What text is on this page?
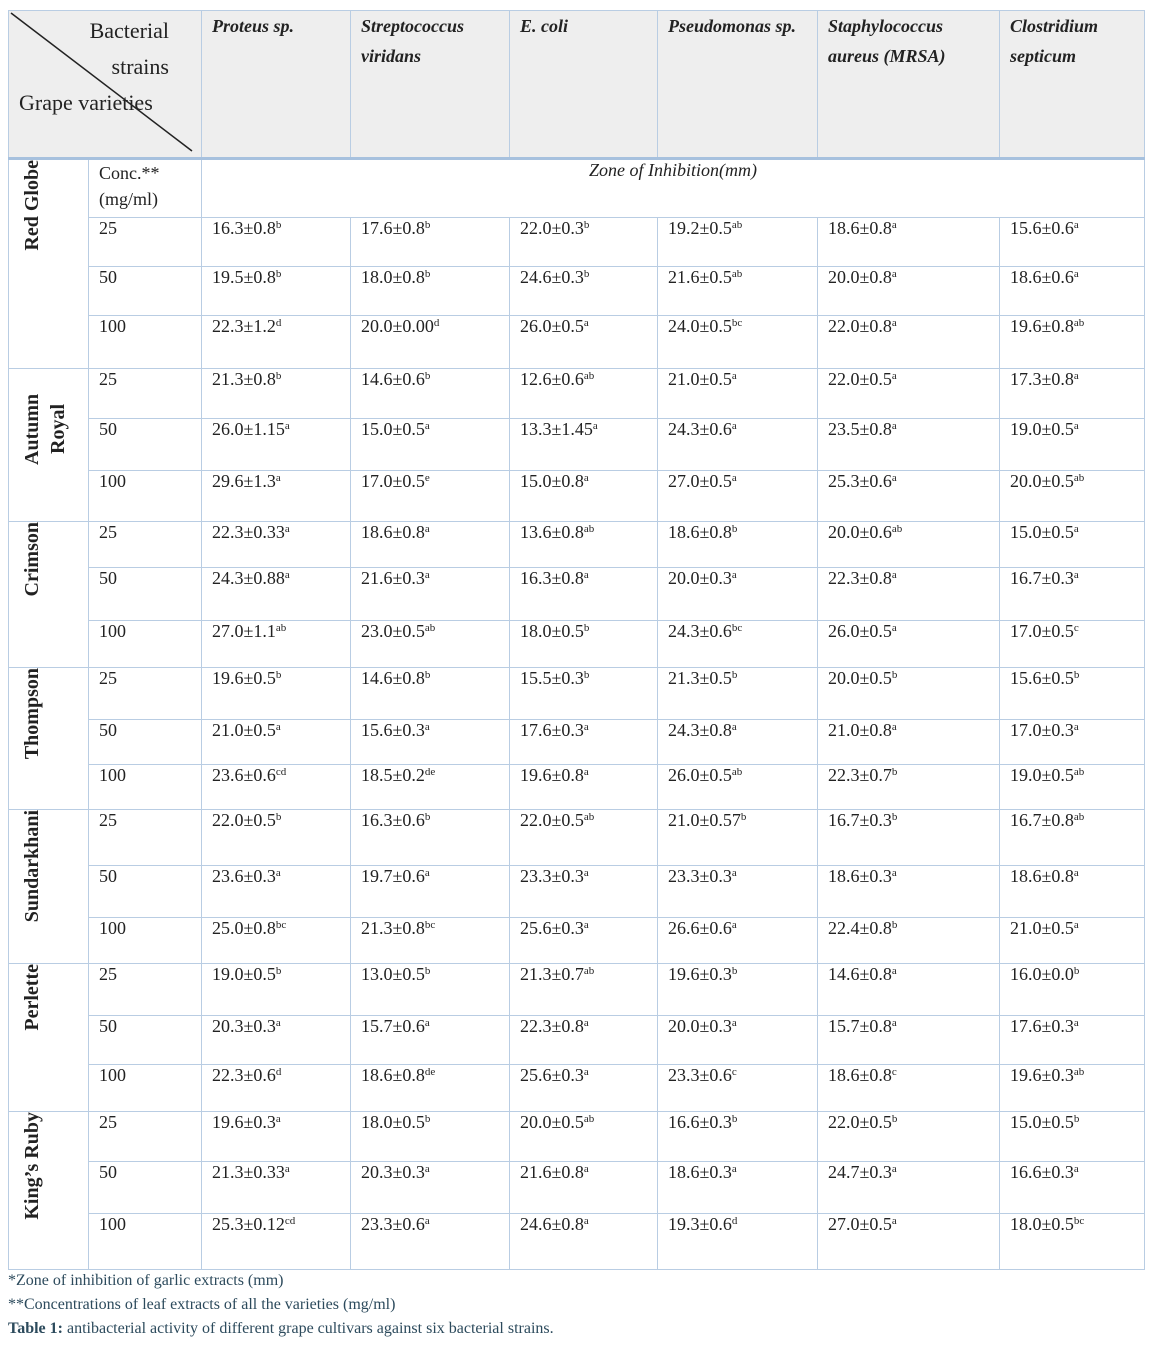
Bacterial strains
Grape varieties		Proteus sp.	Streptococcus viridans	E. coli	Pseudomonas sp.	Staphylococcus aureus (MRSA)	Clostridium septicum
Red Globe	Conc.** (mg/ml)	Zone of Inhibition(mm)					
	25	16.3±0.8$^b$	17.6±0.8$^b$	22.0±0.3$^b$	19.2±0.5$^{ab}$	18.6±0.8$^a$	15.6±0.6$^a$
	50	19.5±0.8$^b$	18.0±0.8$^b$	24.6±0.3$^b$	21.6±0.5$^{ab}$	20.0±0.8$^a$	18.6±0.6$^a$
	100	22.3±1.2$^d$	20.0±0.00$^d$	26.0±0.5$^a$	24.0±0.5$^{bc}$	22.0±0.8$^a$	19.6±0.8$^{ab}$
Autumn Royal	25	21.3±0.8$^b$	14.6±0.6$^b$	12.6±0.6$^{ab}$	21.0±0.5$^a$	22.0±0.5$^a$	17.3±0.8$^a$
	50	26.0±1.15$^a$	15.0±0.5$^a$	13.3±1.45$^a$	24.3±0.6$^a$	23.5±0.8$^a$	19.0±0.5$^a$
	100	29.6±1.3$^a$	17.0±0.5$^e$	15.0±0.8$^a$	27.0±0.5$^a$	25.3±0.6$^a$	20.0±0.5$^{ab}$
Crimson	25	22.3±0.33$^a$	18.6±0.8$^a$	13.6±0.8$^{ab}$	18.6±0.8$^b$	20.0±0.6$^{ab}$	15.0±0.5$^a$
	50	24.3±0.88$^a$	21.6±0.3$^a$	16.3±0.8$^a$	20.0±0.3$^a$	22.3±0.8$^a$	16.7±0.3$^a$
	100	27.0±1.1$^{ab}$	23.0±0.5$^{ab}$	18.0±0.5$^b$	24.3±0.6$^{bc}$	26.0±0.5$^a$	17.0±0.5$^c$
Thompson	25	19.6±0.5$^b$	14.6±0.8$^b$	15.5±0.3$^b$	21.3±0.5$^b$	20.0±0.5$^b$	15.6±0.5$^b$
	50	21.0±0.5$^a$	15.6±0.3$^a$	17.6±0.3$^a$	24.3±0.8$^a$	21.0±0.8$^a$	17.0±0.3$^a$
	100	23.6±0.6$^{cd}$	18.5±0.2de	19.6±0.8$^a$	26.0±0.5$^{ab}$	22.3±0.7$^b$	19.0±0.5$^{ab}$
Sundarkhani	25	22.0±0.5$^b$	16.3±0.6$^b$	22.0±0.5$^{ab}$	21.0±0.57$^b$	16.7±0.3$^b$	16.7±0.8$^{ab}$
	50	23.6±0.3$^a$	19.7±0.6$^a$	23.3±0.3$^a$	23.3±0.3$^a$	18.6±0.3$^a$	18.6±0.8$^a$
	100	25.0±0.8$^{bc}$	21.3±0.8$^{bc}$	25.6±0.3$^a$	26.6±0.6$^a$	22.4±0.8$^b$	21.0±0.5$^a$
Perlette	25	19.0±0.5$^b$	13.0±0.5$^b$	21.3±0.7$^{ab}$	19.6±0.3$^b$	14.6±0.8$^a$	16.0±0.0$^b$
	50	20.3±0.3$^a$	15.7±0.6$^a$	22.3±0.8$^a$	20.0±0.3$^a$	15.7±0.8$^a$	17.6±0.3$^a$
	100	22.3±0.6$^d$	18.6±0.8de	25.6±0.3$^a$	23.3±0.6$^c$	18.6±0.8$^c$	19.6±0.3$^{ab}$
King’s Ruby	25	19.6±0.3$^a$	18.0±0.5$^b$	20.0±0.5$^{ab}$	16.6±0.3$^b$	22.0±0.5$^b$	15.0±0.5$^b$
	50	21.3±0.33$^a$	20.3±0.3$^a$	21.6±0.8$^a$	18.6±0.3$^a$	24.7±0.3$^a$	16.6±0.3$^a$
	100	25.3±0.12$^{cd}$	23.3±0.6$^a$	24.6±0.8$^a$	19.3±0.6$^d$	27.0±0.5$^a$	18.0±0.5$^{bc}$
*Zone of inhibition of garlic extracts (mm)
**Concentrations of leaf extracts of all the varieties (mg/ml)
Table 1: antibacterial activity of different grape cultivars against six bacterial strains.
